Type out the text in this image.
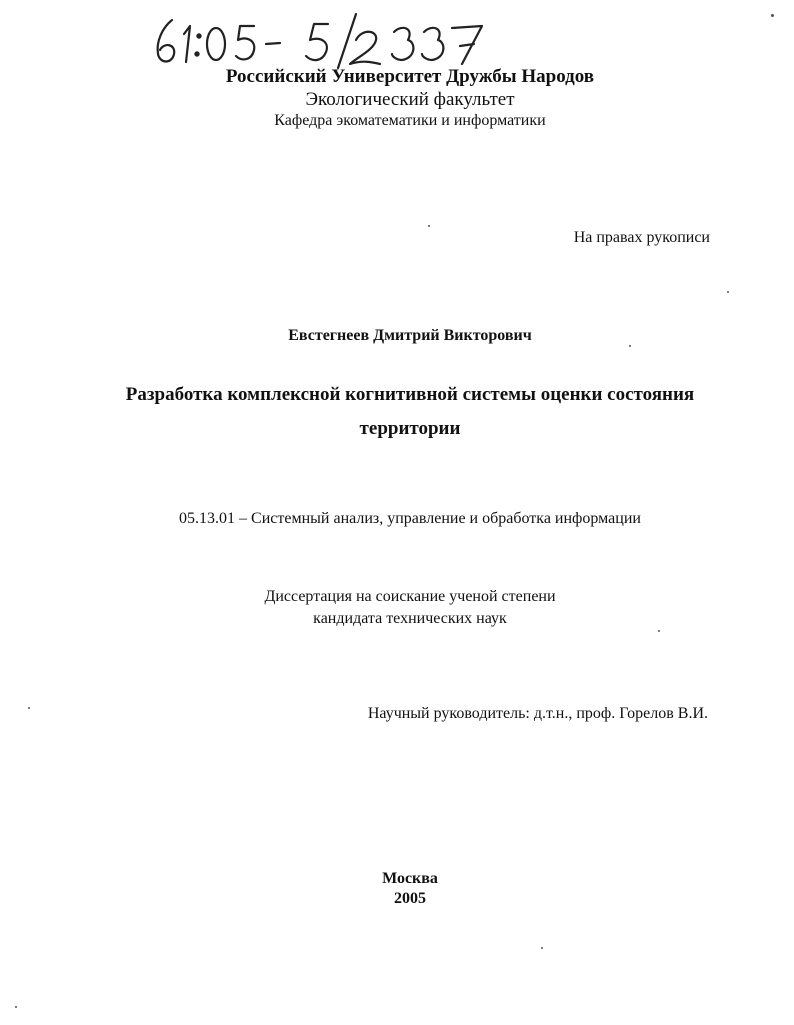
Российский Университет Дружбы Народов
Экологический факультет
Кафедра экоматематики и информатики
На правах рукописи
Евстегнеев Дмитрий Викторович
Разработка комплексной когнитивной системы оценки состояния
территории
05.13.01 – Системный анализ, управление и обработка информации
Диссертация на соискание ученой степени
кандидата технических наук
Научный руководитель: д.т.н., проф. Горелов В.И.
Москва
2005
